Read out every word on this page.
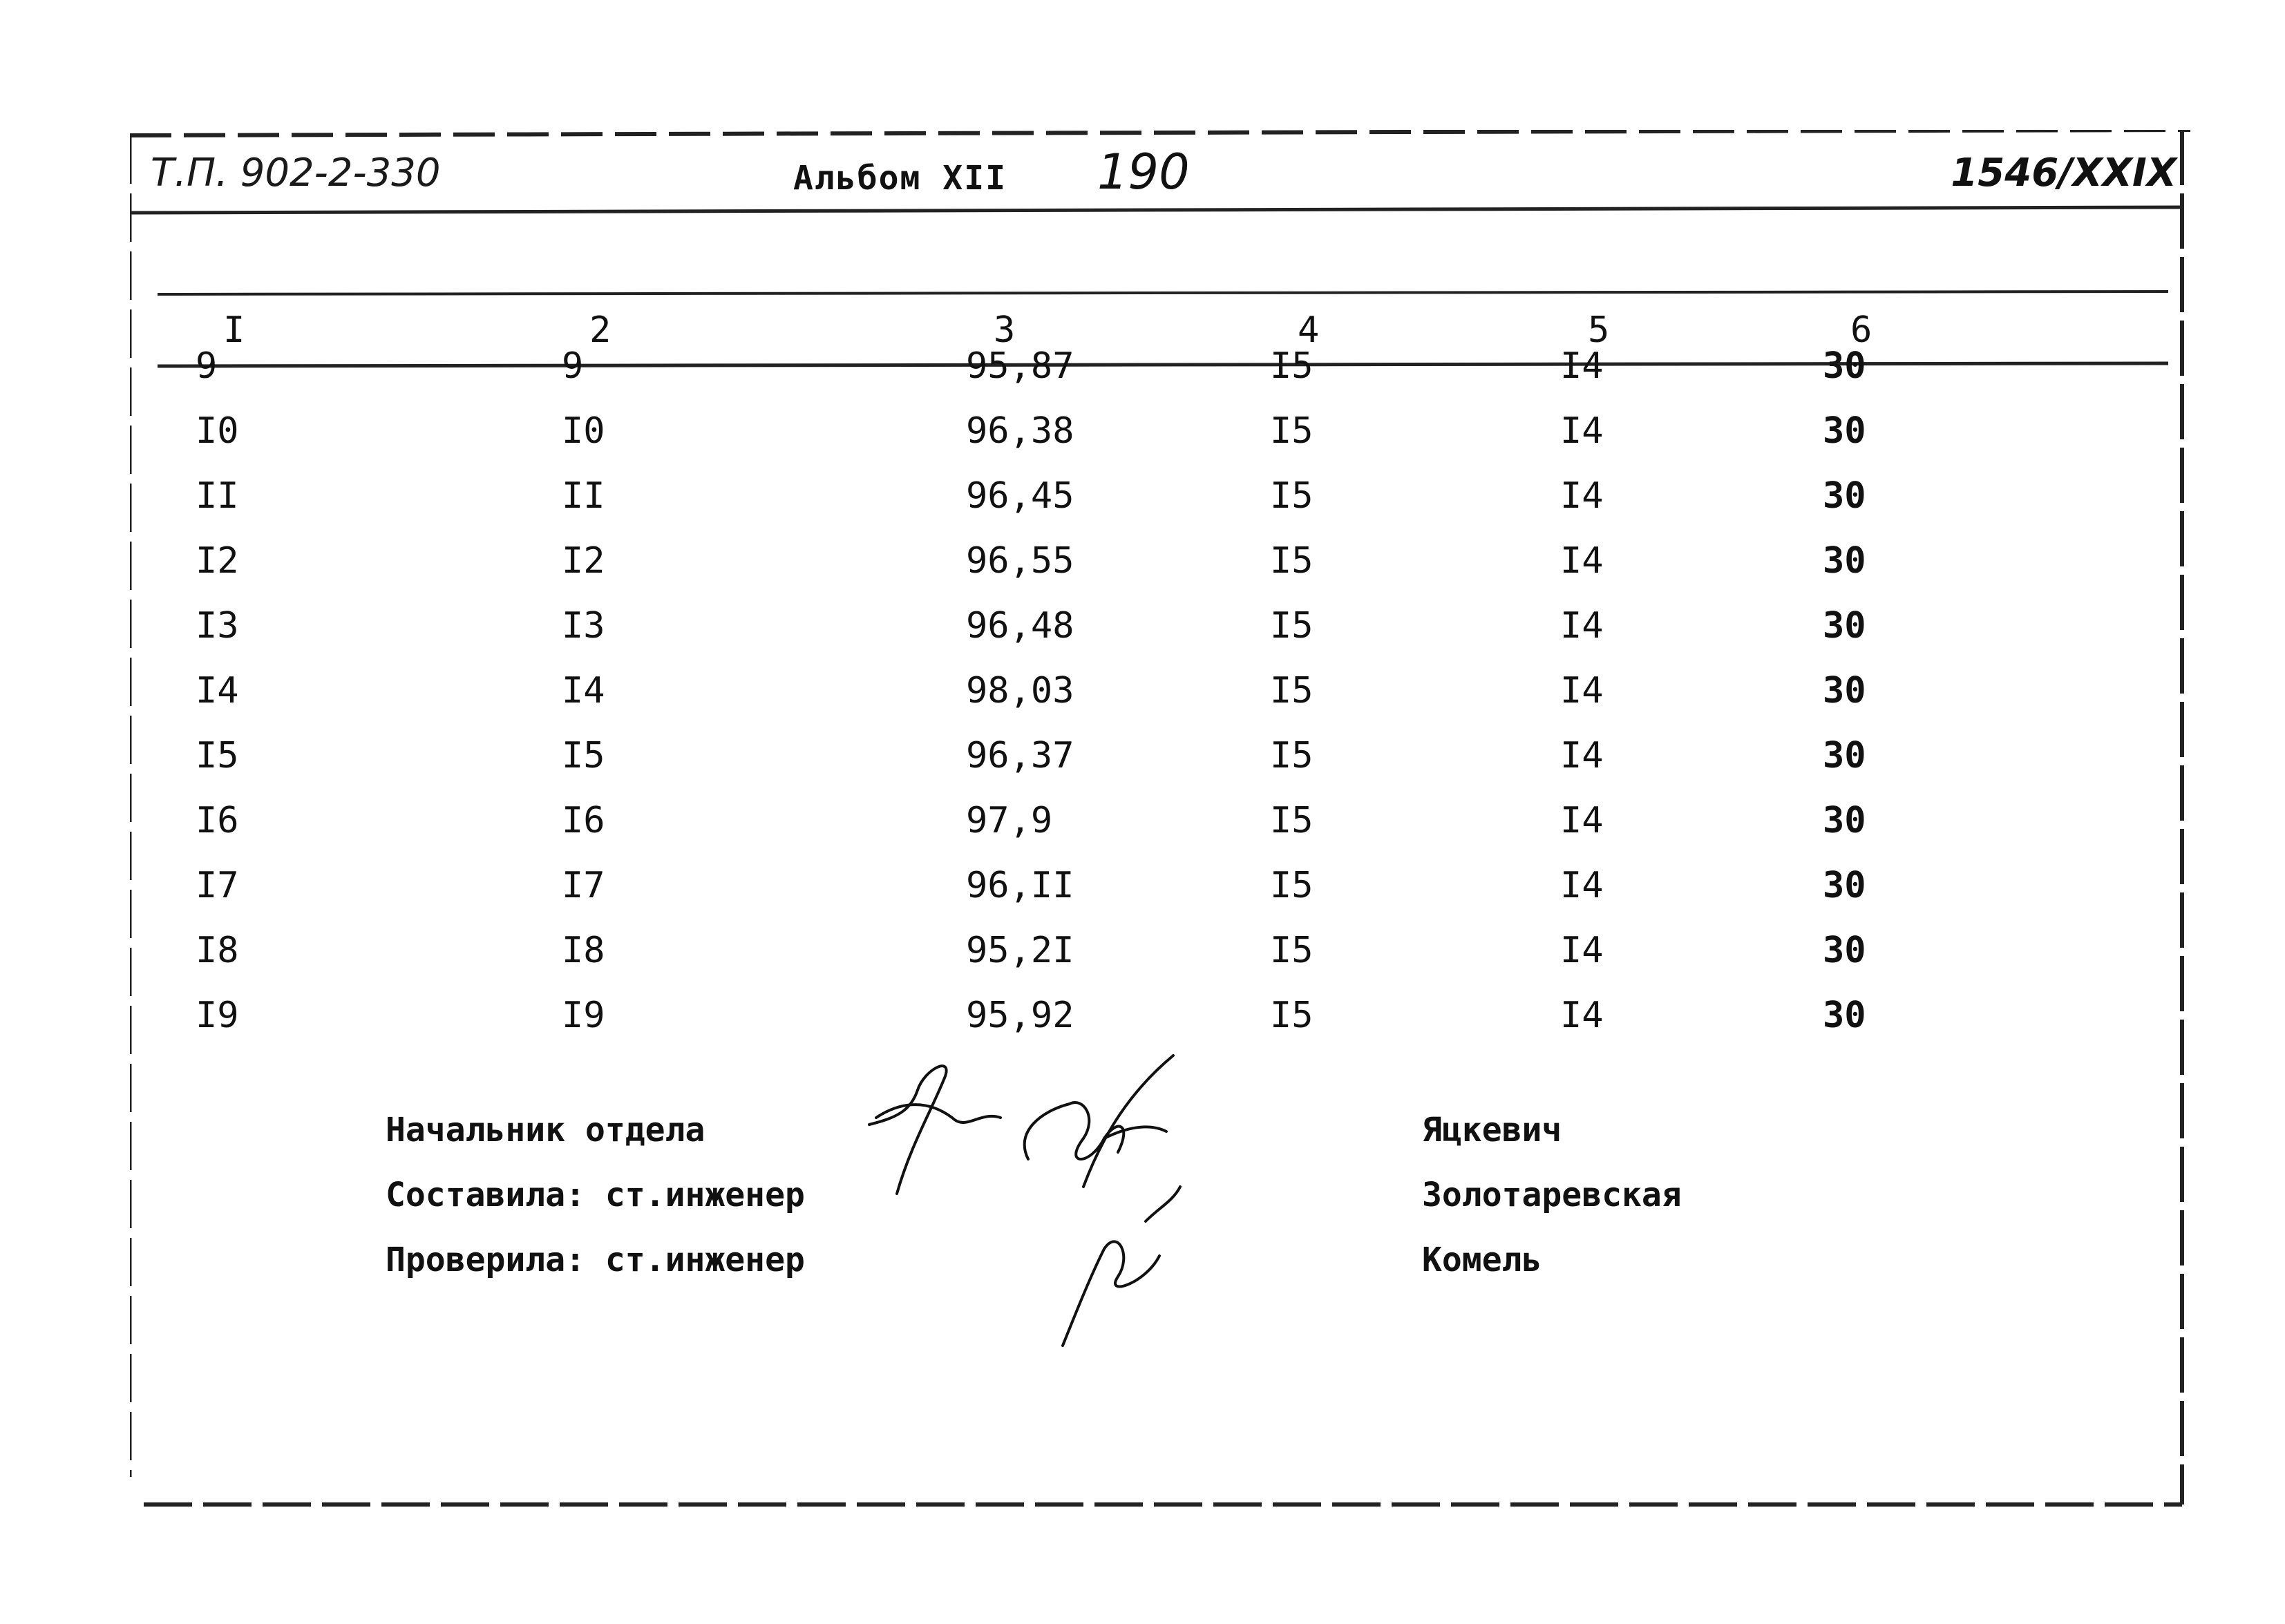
Т.П. 902-2-330	Альбом XII 190	1546/XXIX
I	2	3	4	5	6
9	9	95,87	I5	I4	30
I0	I0	96,38	I5	I4	30
II	II	96,45	I5	I4	30
I2	I2	96,55	I5	I4	30
I3	I3	96,48	I5	I4	30
I4	I4	98,03	I5	I4	30
I5	I5	96,37	I5	I4	30
I6	I6	97,9	I5	I4	30
I7	I7	96,II	I5	I4	30
I8	I8	95,2I	I5	I4	30
I9	I9	95,92	I5	I4	30
Начальник отдела	Яцкевич
Составила: ст.инженер	Золотаревская
Проверила: ст.инженер	Комель
